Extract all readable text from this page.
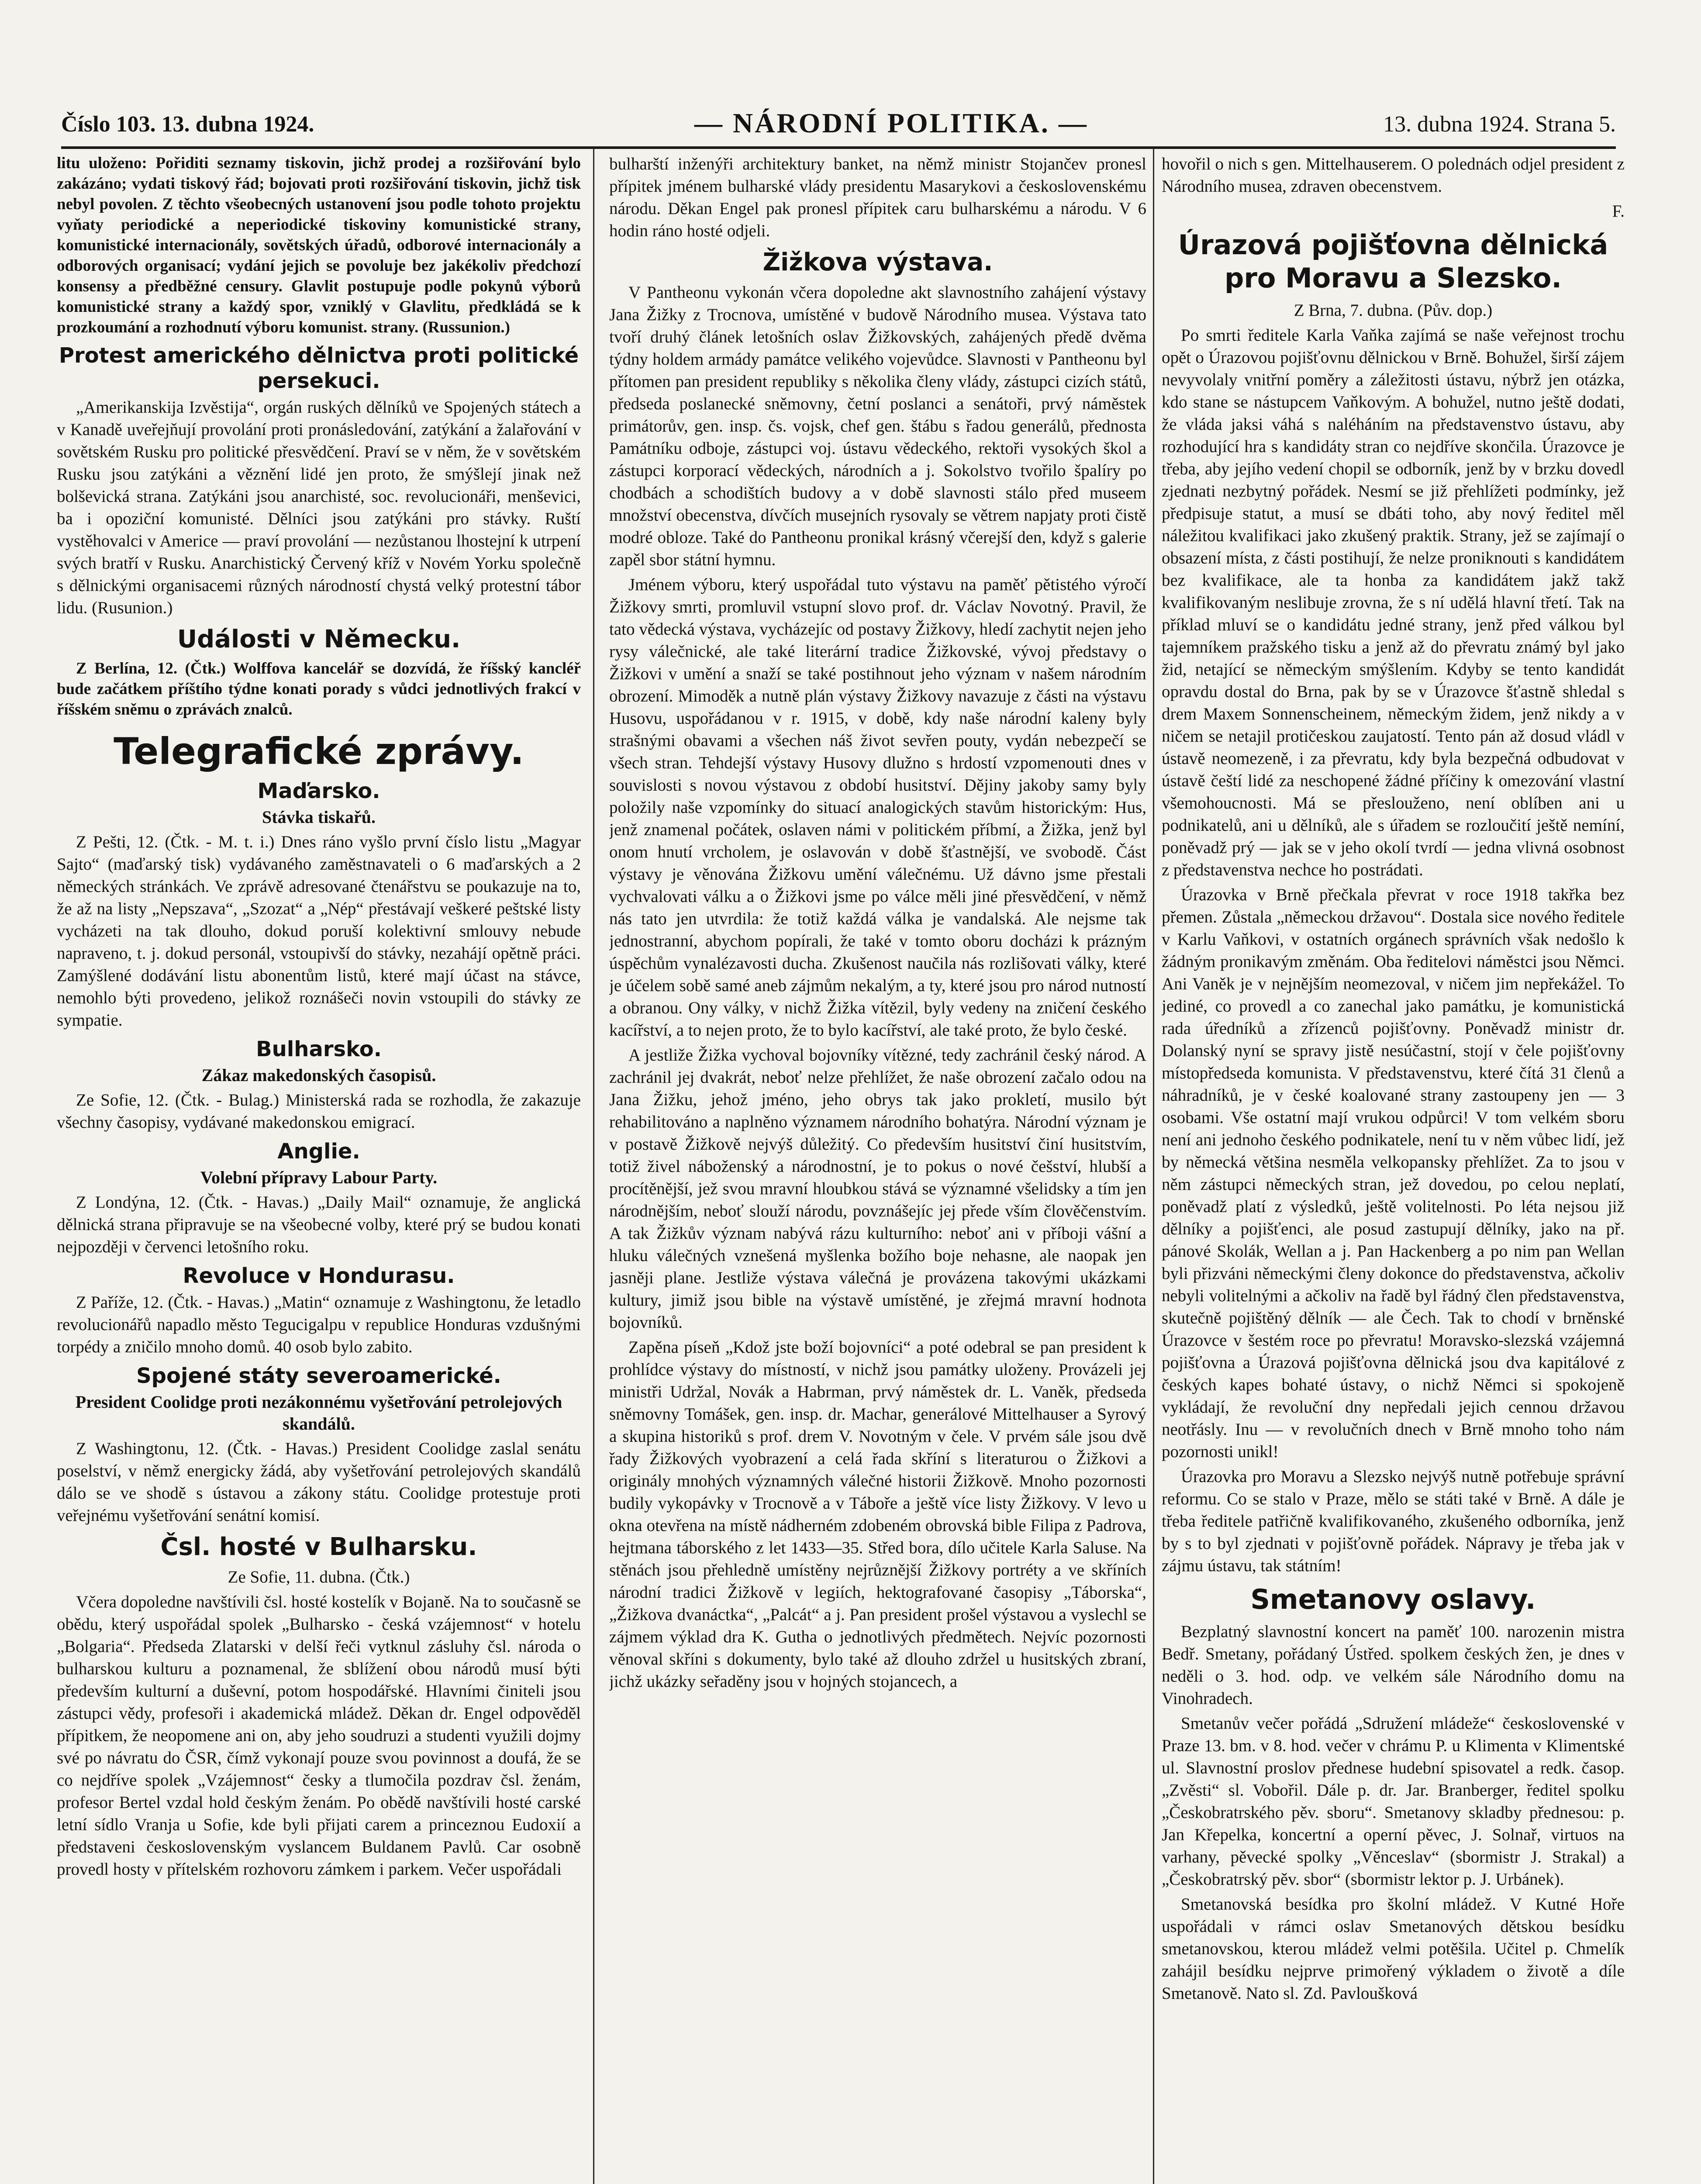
Číslo 103. 13. dubna 1924.	— NÁRODNÍ POLITIKA. —	13. dubna 1924. Strana 5.

litu uloženo: Pořiditi seznamy tiskovin, jichž prodej a rozšiřování bylo zakázáno; vydati tiskový řád; bojovati proti rozšiřování tiskovin, jichž tisk nebyl povolen. Z těchto všeobecných ustanovení jsou podle tohoto projektu vyňaty periodické a neperiodické tiskoviny komunistické strany, komunistické internacionály, sovětských úřadů, odborové internacionály a odborových organisací; vydání jejich se povoluje bez jakékoliv předchozí konsensy a předběžné censury. Glavlit postupuje podle pokynů výborů komunistické strany a každý spor, vzniklý v Glavlitu, předkládá se k prozkoumání a rozhodnutí výboru komunist. strany. (Russunion.)

Protest amerického dělnictva proti politické persekuci.

„Amerikanskija Izvěstija“, orgán ruských dělníků ve Spojených státech a v Kanadě uveřejňují provolání proti pronásledování, zatýkání a žalařování v sovětském Rusku pro politické přesvědčení. Praví se v něm, že v sovětském Rusku jsou zatýkáni a věznění lidé jen proto, že smýšlejí jinak než bolševická strana. Zatýkáni jsou anarchisté, soc. revolucionáři, menševici, ba i opoziční komunisté. Dělníci jsou zatýkáni pro stávky. Ruští vystěhovalci v Americe — praví provolání — nezůstanou lhostejní k utrpení svých bratří v Rusku. Anarchistický Červený kříž v Novém Yorku společně s dělnickými organisacemi různých národností chystá velký protestní tábor lidu. (Rusunion.)

Události v Německu.

Z Berlína, 12. (Čtk.) Wolffova kancelář se dozvídá, že říšský kancléř bude začátkem příštího týdne konati porady s vůdci jednotlivých frakcí v říšském sněmu o zprávách znalců.

Telegrafické zprávy.
Maďarsko.
Stávka tiskařů.

Z Pešti, 12. (Čtk. - M. t. i.) Dnes ráno vyšlo první číslo listu „Magyar Sajto“ (maďarský tisk) vydávaného zaměstnavateli o 6 maďarských a 2 německých stránkách. Ve zprávě adresované čtenářstvu se poukazuje na to, že až na listy „Nepszava“, „Szozat“ a „Nép“ přestávají veškeré peštské listy vycházeti na tak dlouho, dokud poruší kolektivní smlouvy nebude napraveno, t. j. dokud personál, vstoupivší do stávky, nezahájí opětně práci. Zamýšlené dodávání listu abonentům listů, které mají účast na stávce, nemohlo býti provedeno, jelikož roznášeči novin vstoupili do stávky ze sympatie.

Bulharsko.
Zákaz makedonských časopisů.

Ze Sofie, 12. (Čtk. - Bulag.) Ministerská rada se rozhodla, že zakazuje všechny časopisy, vydávané makedonskou emigrací.

Anglie.
Volební přípravy Labour Party.

Z Londýna, 12. (Čtk. - Havas.) „Daily Mail“ oznamuje, že anglická dělnická strana připravuje se na všeobecné volby, které prý se budou konati nejpozději v červenci letošního roku.

Revoluce v Hondurasu.

Z Paříže, 12. (Čtk. - Havas.) „Matin“ oznamuje z Washingtonu, že letadlo revolucionářů napadlo město Tegucigalpu v republice Honduras vzdušnými torpédy a zničilo mnoho domů. 40 osob bylo zabito.

Spojené státy severoamerické.
President Coolidge proti nezákonnému vyšetřování petrolejových skandálů.

Z Washingtonu, 12. (Čtk. - Havas.) President Coolidge zaslal senátu poselství, v němž energicky žádá, aby vyšetřování petrolejových skandálů dálo se ve shodě s ústavou a zákony státu. Coolidge protestuje proti veřejnému vyšetřování senátní komisí.

Čsl. hosté v Bulharsku.

Ze Sofie, 11. dubna. (Čtk.)

Včera dopoledne navštívili čsl. hosté kostelík v Bojaně. Na to současně se obědu, který uspořádal spolek „Bulharsko - česká vzájemnost“ v hotelu „Bolgaria“. Předseda Zlatarski v delší řeči vytknul zásluhy čsl. národa o bulharskou kulturu a poznamenal, že sblížení obou národů musí býti především kulturní a duševní, potom hospodářské. Hlavními činiteli jsou zástupci vědy, profesoři i akademická mládež. Děkan dr. Engel odpověděl přípitkem, že neopomene ani on, aby jeho soudruzi a studenti využili dojmy své po návratu do ČSR, čímž vykonají pouze svou povinnost a doufá, že se co nejdříve spolek „Vzájemnost“ česky a tlumočila pozdrav čsl. ženám, profesor Bertel vzdal hold českým ženám. Po obědě navštívili hosté carské letní sídlo Vranja u Sofie, kde byli přijati carem a princeznou Eudoxií a představeni československým vyslancem Buldanem Pavlů. Car osobně provedl hosty v přítelském rozhovoru zámkem i parkem. Večer uspořádali

bulharští inženýři architektury banket, na němž ministr Stojančev pronesl přípitek jménem bulharské vlády presidentu Masarykovi a československému národu. Děkan Engel pak pronesl přípitek caru bulharskému a národu. V 6 hodin ráno hosté odjeli.

Žižkova výstava.

V Pantheonu vykonán včera dopoledne akt slavnostního zahájení výstavy Jana Žižky z Trocnova, umístěné v budově Národního musea. Výstava tato tvoří druhý článek letošních oslav Žižkovských, zahájených předě dvěma týdny holdem armády památce velikého vojevůdce. Slavnosti v Pantheonu byl přítomen pan president republiky s několika členy vlády, zástupci cizích států, předseda poslanecké sněmovny, četní poslanci a senátoři, prvý náměstek primátorův, gen. insp. čs. vojsk, chef gen. štábu s řadou generálů, přednosta Památníku odboje, zástupci voj. ústavu vědeckého, rektoři vysokých škol a zástupci korporací vědeckých, národních a j. Sokolstvo tvořilo špalíry po chodbách a schodištích budovy a v době slavnosti stálo před museem množství obecenstva, dívčích musejních rysovaly se větrem napjaty proti čistě modré obloze. Také do Pantheonu pronikal krásný včerejší den, když s galerie zapěl sbor státní hymnu.

Jménem výboru, který uspořádal tuto výstavu na paměť pětistého výročí Žižkovy smrti, promluvil vstupní slovo prof. dr. Václav Novotný. Pravil, že tato vědecká výstava, vycházejíc od postavy Žižkovy, hledí zachytit nejen jeho rysy válečnické, ale také literární tradice Žižkovské, vývoj představy o Žižkovi v umění a snaží se také postihnout jeho význam v našem národním obrození. Mimoděk a nutně plán výstavy Žižkovy navazuje z části na výstavu Husovu, uspořádanou v r. 1915, v době, kdy naše národní kaleny byly strašnými obavami a všechen náš život sevřen pouty, vydán nebezpečí se všech stran. Tehdejší výstavy Husovy dlužno s hrdostí vzpomenouti dnes v souvislosti s novou výstavou z období husitství. Dějiny jakoby samy byly položily naše vzpomínky do situací analogických stavům historickým: Hus, jenž znamenal počátek, oslaven námi v politickém příbmí, a Žižka, jenž byl onom hnutí vrcholem, je oslavován v době šťastnější, ve svobodě. Část výstavy je věnována Žižkovu umění válečnému. Už dávno jsme přestali vychvalovati válku a o Žižkovi jsme po válce měli jiné přesvědčení, v němž nás tato jen utvrdila: že totiž každá válka je vandalská. Ale nejsme tak jednostranní, abychom popírali, že také v tomto oboru docházi k prázným úspěchům vynalézavosti ducha. Zkušenost naučila nás rozlišovati války, které je účelem sobě samé aneb zájmům nekalým, a ty, které jsou pro národ nutností a obranou. Ony války, v nichž Žižka vítězil, byly vedeny na zničení českého kacířství, a to nejen proto, že to bylo kacířství, ale také proto, že bylo české.

A jestliže Žižka vychoval bojovníky vítězné, tedy zachránil český národ. A zachránil jej dvakrát, neboť nelze přehlížet, že naše obrození začalo odou na Jana Žižku, jehož jméno, jeho obrys tak jako prokletí, musilo být rehabilitováno a naplněno významem národního bohatýra. Národní význam je v postavě Žižkově nejvýš důležitý. Co především husitství činí husitstvím, totiž živel náboženský a národnostní, je to pokus o nové češství, hlubší a procítěnější, jež svou mravní hloubkou stává se významné všelidsky a tím jen národnějším, neboť slouží národu, povznášejíc jej přede vším člověčenstvím. A tak Žižkův význam nabývá rázu kulturního: neboť ani v příboji vášní a hluku válečných vznešená myšlenka božího boje nehasne, ale naopak jen jasněji plane. Jestliže výstava válečná je provázena takovými ukázkami kultury, jimiž jsou bible na výstavě umístěné, je zřejmá mravní hodnota bojovníků.

Zapěna píseň „Kdož jste boží bojovníci“ a poté odebral se pan president k prohlídce výstavy do místností, v nichž jsou památky uloženy. Provázeli jej ministři Udržal, Novák a Habrman, prvý náměstek dr. L. Vaněk, předseda sněmovny Tomášek, gen. insp. dr. Machar, generálové Mittelhauser a Syrový a skupina historiků s prof. drem V. Novotným v čele. V prvém sále jsou dvě řady Žižkových vyobrazení a celá řada skříní s literaturou o Žižkovi a originály mnohých významných válečné historii Žižkově. Mnoho pozornosti budily vykopávky v Trocnově a v Táboře a ještě více listy Žižkovy. V levo u okna otevřena na místě nádherném zdobeném obrovská bible Filipa z Padrova, hejtmana táborského z let 1433—35. Střed bora, dílo učitele Karla Saluse. Na stěnách jsou přehledně umístěny nejrůznější Žižkovy portréty a ve skříních národní tradici Žižkově v legiích, hektografované časopisy „Táborska“, „Žižkova dvanáctka“, „Palcát“ a j. Pan president prošel výstavou a vyslechl se zájmem výklad dra K. Gutha o jednotlivých předmětech. Nejvíc pozornosti věnoval skříni s dokumenty, bylo také až dlouho zdržel u husitských zbraní, jichž ukázky seřaděny jsou v hojných stojancech, a

hovořil o nich s gen. Mittelhauserem. O polednách odjel president z Národního musea, zdraven obecenstvem.

F.

Úrazová pojišťovna dělnická pro Moravu a Slezsko.

Z Brna, 7. dubna. (Pův. dop.)

Po smrti ředitele Karla Vaňka zajímá se naše veřejnost trochu opět o Úrazovou pojišťovnu dělnickou v Brně. Bohužel, širší zájem nevyvolaly vnitřní poměry a záležitosti ústavu, nýbrž jen otázka, kdo stane se nástupcem Vaňkovým. A bohužel, nutno ještě dodati, že vláda jaksi váhá s naléháním na představenstvo ústavu, aby rozhodující hra s kandidáty stran co nejdříve skončila. Úrazovce je třeba, aby jejího vedení chopil se odborník, jenž by v brzku dovedl zjednati nezbytný pořádek. Nesmí se již přehlížeti podmínky, jež předpisuje statut, a musí se dbáti toho, aby nový ředitel měl náležitou kvalifikaci jako zkušený praktik. Strany, jež se zajímají o obsazení místa, z části postihují, že nelze proniknouti s kandidátem bez kvalifikace, ale ta honba za kandidátem jakž takž kvalifikovaným neslibuje zrovna, že s ní udělá hlavní třetí. Tak na příklad mluví se o kandidátu jedné strany, jenž před válkou byl tajemníkem pražského tisku a jenž až do převratu známý byl jako žid, netající se německým smýšlením. Kdyby se tento kandidát opravdu dostal do Brna, pak by se v Úrazovce šťastně shledal s drem Maxem Sonnenscheinem, německým židem, jenž nikdy a v ničem se netajil protičeskou zaujatostí. Tento pán až dosud vládl v ústavě neomezeně, i za převratu, kdy byla bezpečná odbudovat v ústavě čeští lidé za neschopené žádné příčiny k omezování vlastní všemohoucnosti. Má se přeslouženo, není oblíben ani u podnikatelů, ani u dělníků, ale s úřadem se rozloučití ještě nemíní, poněvadž prý — jak se v jeho okolí tvrdí — jedna vlivná osobnost z představenstva nechce ho postrádati.

Úrazovka v Brně přečkala převrat v roce 1918 takřka bez přemen. Zůstala „německou državou“. Dostala sice nového ředitele v Karlu Vaňkovi, v ostatních orgánech správních však nedošlo k žádným pronikavým změnám. Oba ředitelovi náměstci jsou Němci. Ani Vaněk je v nejnějším neomezoval, v ničem jim nepřekážel. To jediné, co provedl a co zanechal jako památku, je komunistická rada úředníků a zřízenců pojišťovny. Poněvadž ministr dr. Dolanský nyní se spravy jistě nesúčastní, stojí v čele pojišťovny místopředseda komunista. V představenstvu, které čítá 31 členů a náhradníků, je v české koalované strany zastoupeny jen — 3 osobami. Vše ostatní mají vrukou odpůrci! V tom velkém sboru není ani jednoho českého podnikatele, není tu v něm vůbec lidí, jež by německá většina nesměla velkopansky přehlížet. Za to jsou v něm zástupci německých stran, jež dovedou, po celou neplatí, poněvadž platí z výsledků, ještě volitelnosti. Po léta nejsou již dělníky a pojišťenci, ale posud zastupují dělníky, jako na př. pánové Skolák, Wellan a j. Pan Hackenberg a po nim pan Wellan byli přizváni německými členy dokonce do představenstva, ačkoliv nebyli volitelnými a ačkoliv na řadě byl řádný člen představenstva, skutečně pojištěný dělník — ale Čech. Tak to chodí v brněnské Úrazovce v šestém roce po převratu! Moravsko-slezská vzájemná pojišťovna a Úrazová pojišťovna dělnická jsou dva kapitálové z českých kapes bohaté ústavy, o nichž Němci si spokojeně vykládají, že revoluční dny nepředali jejich cennou državou neotřásly. Inu — v revolučních dnech v Brně mnoho toho nám pozornosti unikl!

Úrazovka pro Moravu a Slezsko nejvýš nutně potřebuje správní reformu. Co se stalo v Praze, mělo se státi také v Brně. A dále je třeba ředitele patřičně kvalifikovaného, zkušeného odborníka, jenž by s to byl zjednati v pojišťovně pořádek. Nápravy je třeba jak v zájmu ústavu, tak státním!

Smetanovy oslavy.

Bezplatný slavnostní koncert na paměť 100. narozenin mistra Bedř. Smetany, pořádaný Ústřed. spolkem českých žen, je dnes v neděli o 3. hod. odp. ve velkém sále Národního domu na Vinohradech.

Smetanův večer pořádá „Sdružení mládeže“ československé v Praze 13. bm. v 8. hod. večer v chrámu P. u Klimenta v Klimentské ul. Slavnostní proslov přednese hudební spisovatel a redk. časop. „Zvěsti“ sl. Vobořil. Dále p. dr. Jar. Branberger, ředitel spolku „Českobratrského pěv. sboru“. Smetanovy skladby přednesou: p. Jan Křepelka, koncertní a operní pěvec, J. Solnař, virtuos na varhany, pěvecké spolky „Věnceslav“ (sbormistr J. Strakal) a „Českobratrský pěv. sbor“ (sbormistr lektor p. J. Urbánek).

Smetanovská besídka pro školní mládež. V Kutné Hoře uspořádali v rámci oslav Smetanových dětskou besídku smetanovskou, kterou mládež velmi potěšila. Učitel p. Chmelík zahájil besídku nejprve primořený výkladem o životě a díle Smetanově. Nato sl. Zd. Pavloušková
